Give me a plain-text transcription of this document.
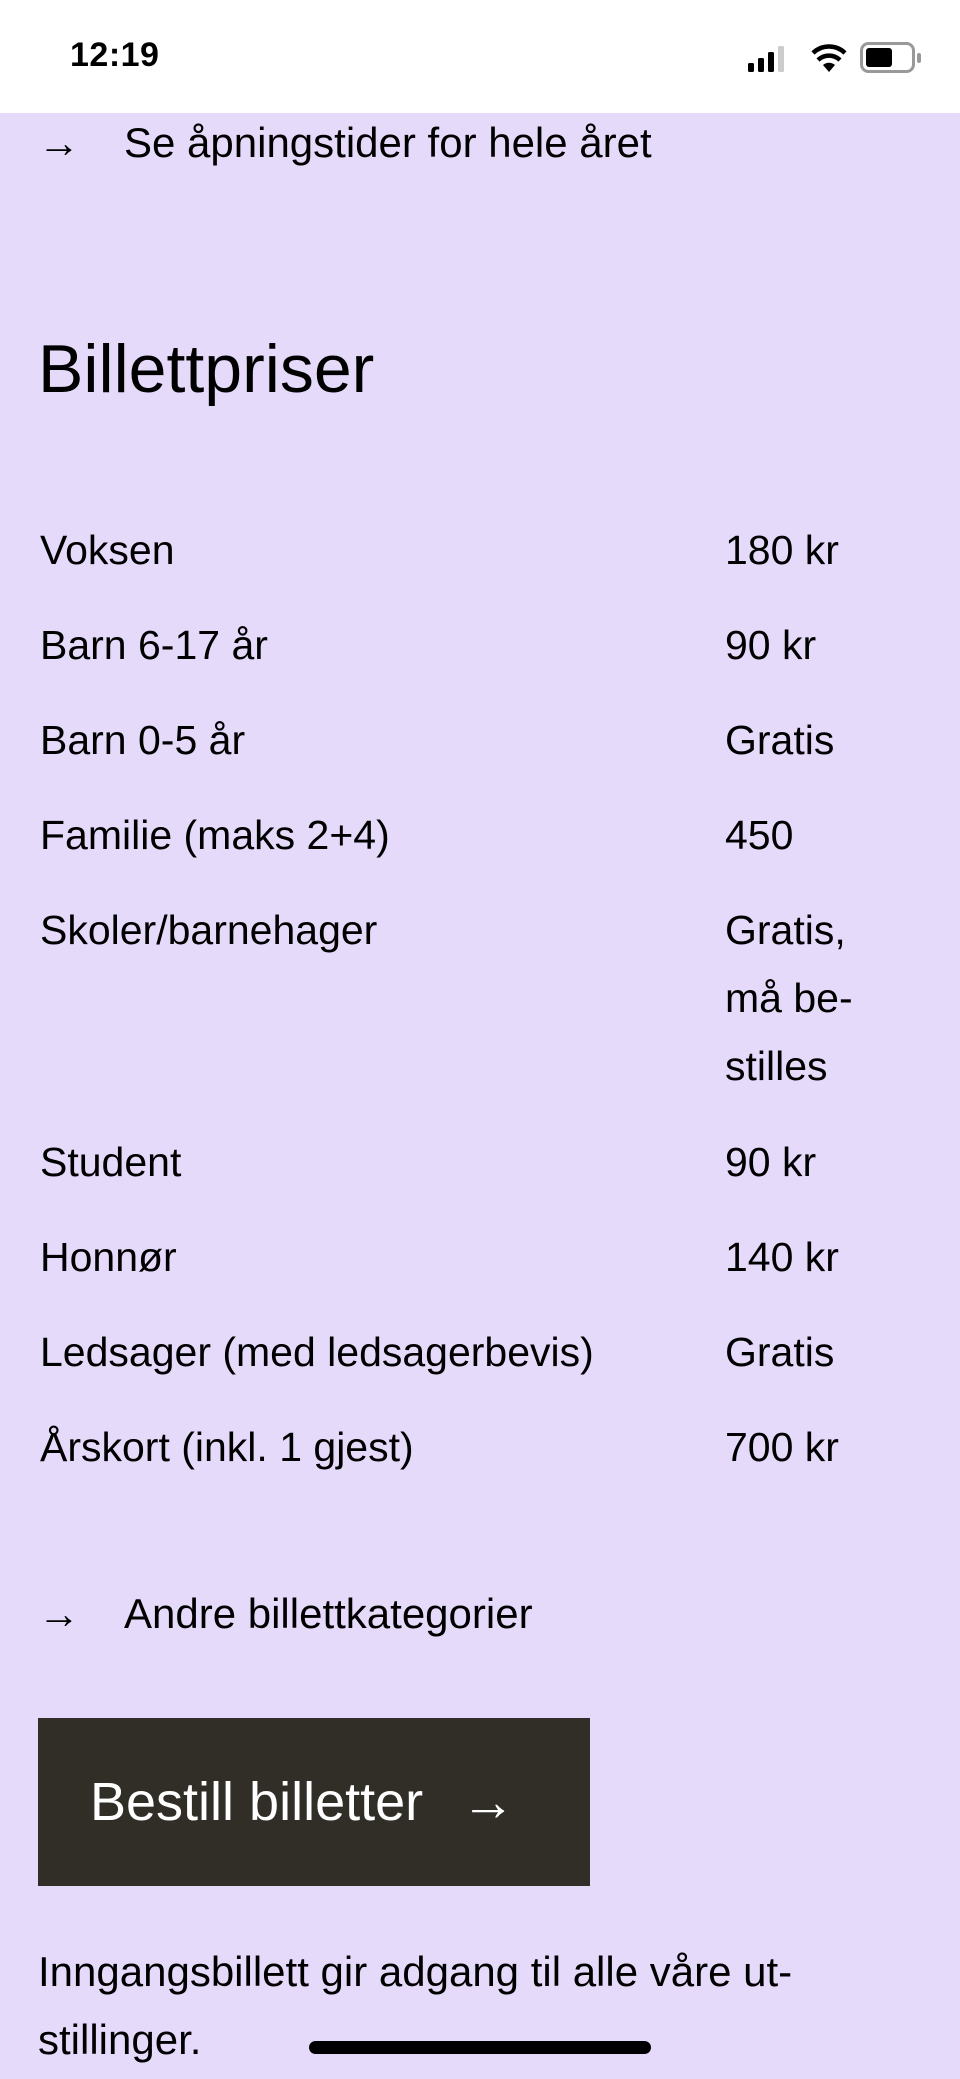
12:19
→ Se åpningstider for hele året
Billettpriser
Voksen	180 kr
Barn 6-17 år	90 kr
Barn 0-5 år	Gratis
Familie (maks 2+4)	450
Skoler/barnehager	Gratis, må be-stilles
Student	90 kr
Honnør	140 kr
Ledsager (med ledsagerbevis)	Gratis
Årskort (inkl. 1 gjest)	700 kr
→ Andre billettkategorier
Bestill billetter →
Inngangsbillett gir adgang til alle våre ut-stillinger.
